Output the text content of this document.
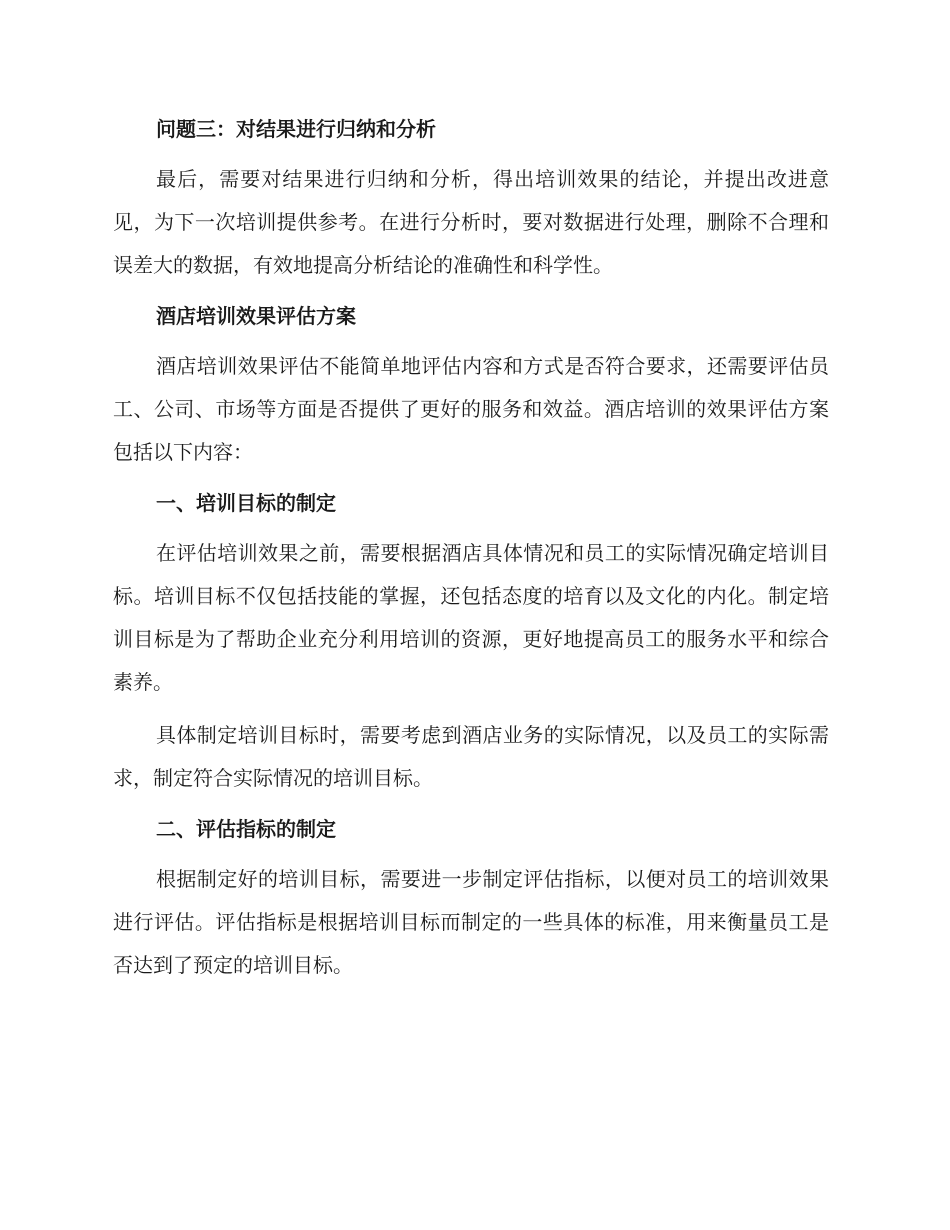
问题三：对结果进行归纳和分析

最后，需要对结果进行归纳和分析，得出培训效果的结论，并提出改进意见，为下一次培训提供参考。在进行分析时，要对数据进行处理，删除不合理和误差大的数据，有效地提高分析结论的准确性和科学性。

酒店培训效果评估方案

酒店培训效果评估不能简单地评估内容和方式是否符合要求，还需要评估员工、公司、市场等方面是否提供了更好的服务和效益。酒店培训的效果评估方案包括以下内容：

一、培训目标的制定

在评估培训效果之前，需要根据酒店具体情况和员工的实际情况确定培训目标。培训目标不仅包括技能的掌握，还包括态度的培育以及文化的内化。制定培训目标是为了帮助企业充分利用培训的资源，更好地提高员工的服务水平和综合素养。

具体制定培训目标时，需要考虑到酒店业务的实际情况，以及员工的实际需求，制定符合实际情况的培训目标。

二、评估指标的制定

根据制定好的培训目标，需要进一步制定评估指标，以便对员工的培训效果进行评估。评估指标是根据培训目标而制定的一些具体的标准，用来衡量员工是否达到了预定的培训目标。
